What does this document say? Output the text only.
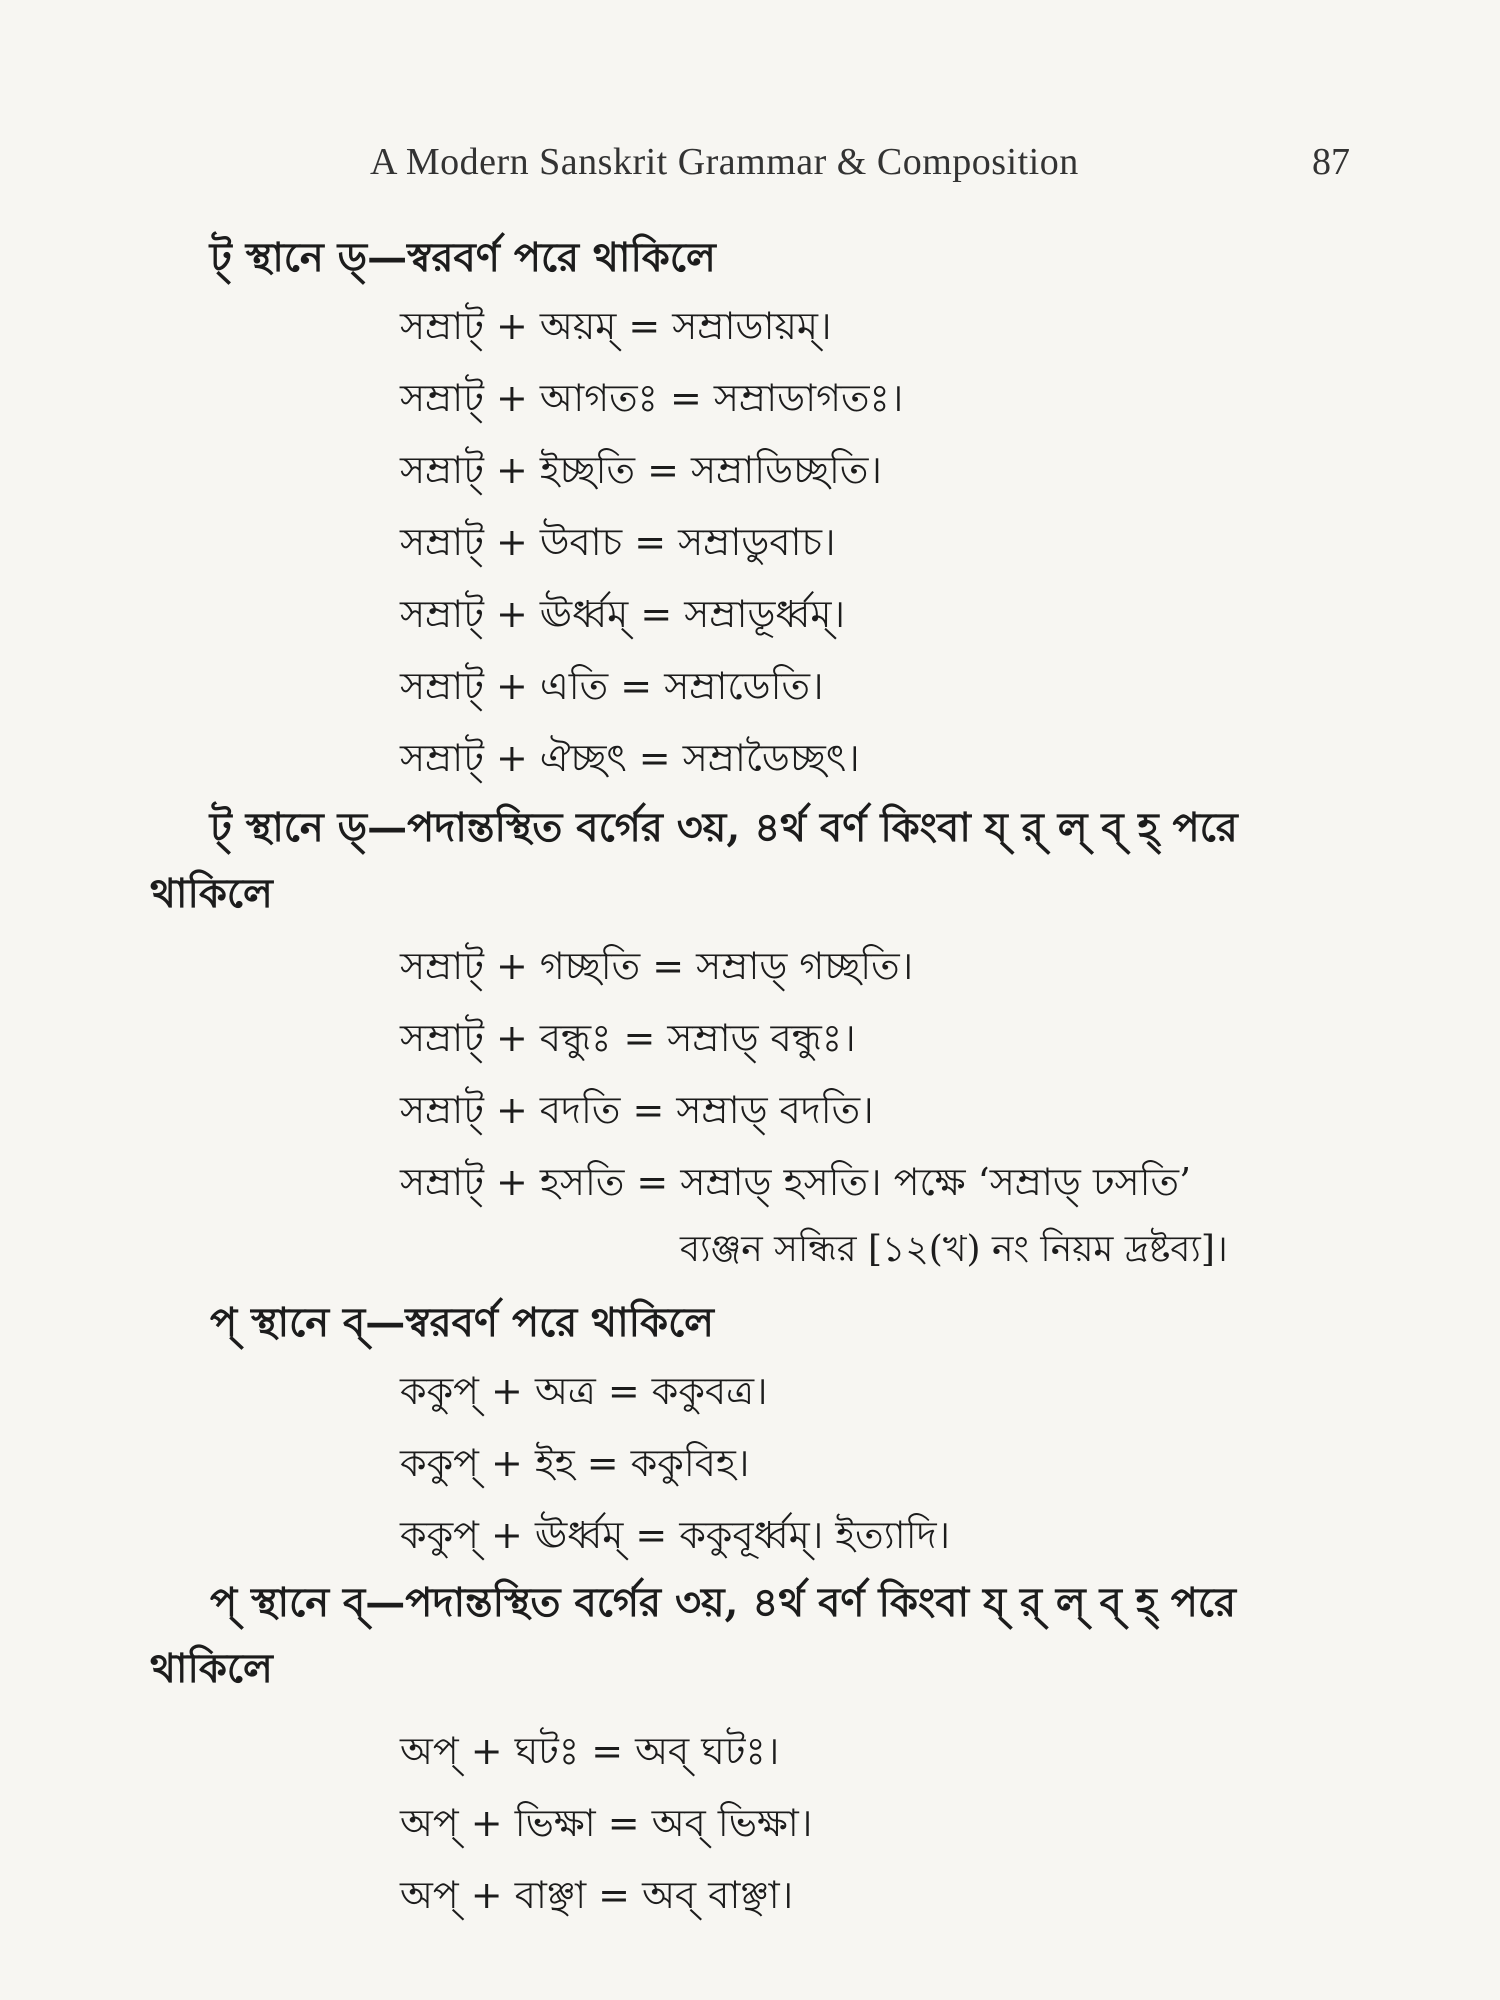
A Modern Sanskrit Grammar & Composition	87
ট্ স্থানে ড্—স্বরবর্ণ পরে থাকিলে
সম্রাট্ + অয়ম্ = সম্রাডায়ম্।
সম্রাট্ + আগতঃ = সম্রাডাগতঃ।
সম্রাট্ + ইচ্ছতি = সম্রাডিচ্ছতি।
সম্রাট্ + উবাচ = সম্রাডুবাচ।
সম্রাট্ + ঊর্ধ্বম্ = সম্রাডূর্ধ্বম্।
সম্রাট্ + এতি = সম্রাডেতি।
সম্রাট্ + ঐচ্ছৎ = সম্রাডৈচ্ছৎ।
ট্ স্থানে ড্—পদান্তস্থিত বর্গের ৩য়, ৪র্থ বর্ণ কিংবা য্ র্ ল্ ব্ হ্ পরে
থাকিলে
সম্রাট্ + গচ্ছতি = সম্রাড্ গচ্ছতি।
সম্রাট্ + বন্ধুঃ = সম্রাড্ বন্ধুঃ।
সম্রাট্ + বদতি = সম্রাড্ বদতি।
সম্রাট্ + হসতি = সম্রাড্ হসতি। পক্ষে ‘সম্রাড্ ঢসতি’
ব্যঞ্জন সন্ধির [১২(খ) নং নিয়ম দ্রষ্টব্য]।
প্ স্থানে ব্—স্বরবর্ণ পরে থাকিলে
ককুপ্ + অত্র = ককুবত্র।
ককুপ্ + ইহ = ককুবিহ।
ককুপ্ + ঊর্ধ্বম্ = ককুবূর্ধ্বম্। ইত্যাদি।
প্ স্থানে ব্—পদান্তস্থিত বর্গের ৩য়, ৪র্থ বর্ণ কিংবা য্ র্ ল্ ব্ হ্ পরে
থাকিলে
অপ্ + ঘটঃ = অব্ ঘটঃ।
অপ্ + ভিক্ষা = অব্ ভিক্ষা।
অপ্ + বাঞ্ছা = অব্ বাঞ্ছা।
